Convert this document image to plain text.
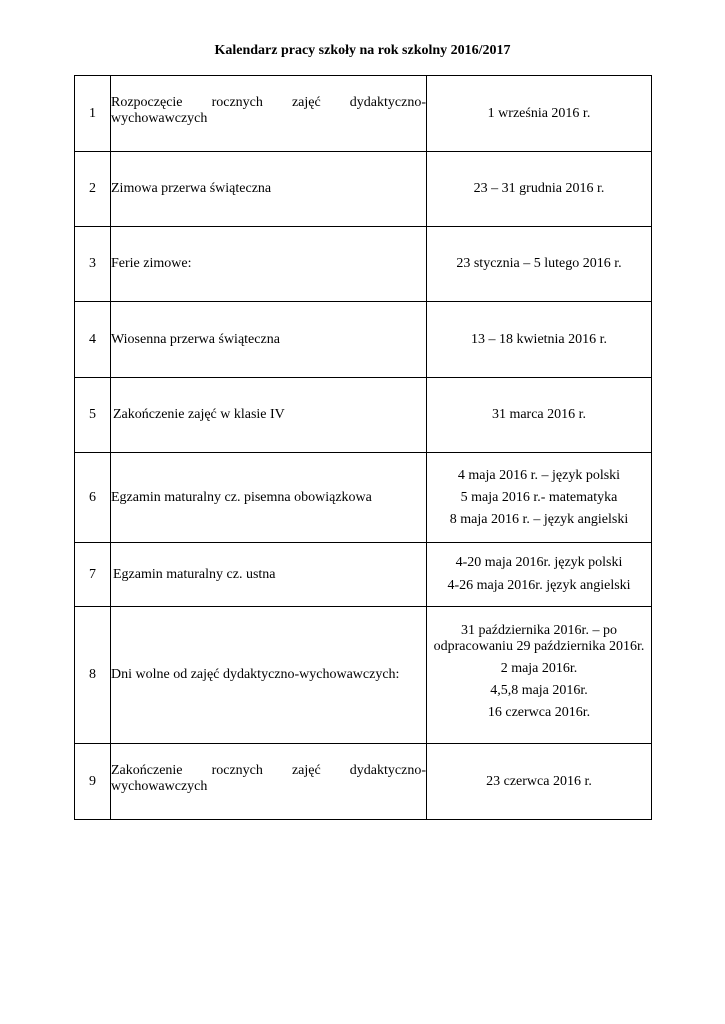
Kalendarz pracy szkoły na rok szkolny 2016/2017
1	Rozpoczęcie rocznych zajęć dydaktyczno-wychowawczych	1 września 2016 r.

2	Zimowa przerwa świąteczna	23 – 31 grudnia 2016 r.

3	Ferie zimowe:	23 stycznia – 5 lutego 2016 r.

4	Wiosenna przerwa świąteczna	13 – 18 kwietnia 2016 r.

5	Zakończenie zajęć w klasie IV	31 marca 2016 r.

6	Egzamin maturalny cz. pisemna obowiązkowa	4 maja 2016 r. – język polski
5 maja 2016 r.- matematyka
8 maja 2016 r. – język angielski

7	Egzamin maturalny cz. ustna	4-20 maja 2016r. język polski
4-26 maja 2016r. język angielski

8	Dni wolne od zajęć dydaktyczno-wychowawczych:	31 października 2016r. – po odpracowaniu 29 października 2016r.
2 maja 2016r.
4,5,8 maja 2016r.
16 czerwca 2016r.

9	Zakończenie rocznych zajęć dydaktyczno-wychowawczych	23 czerwca 2016 r.
